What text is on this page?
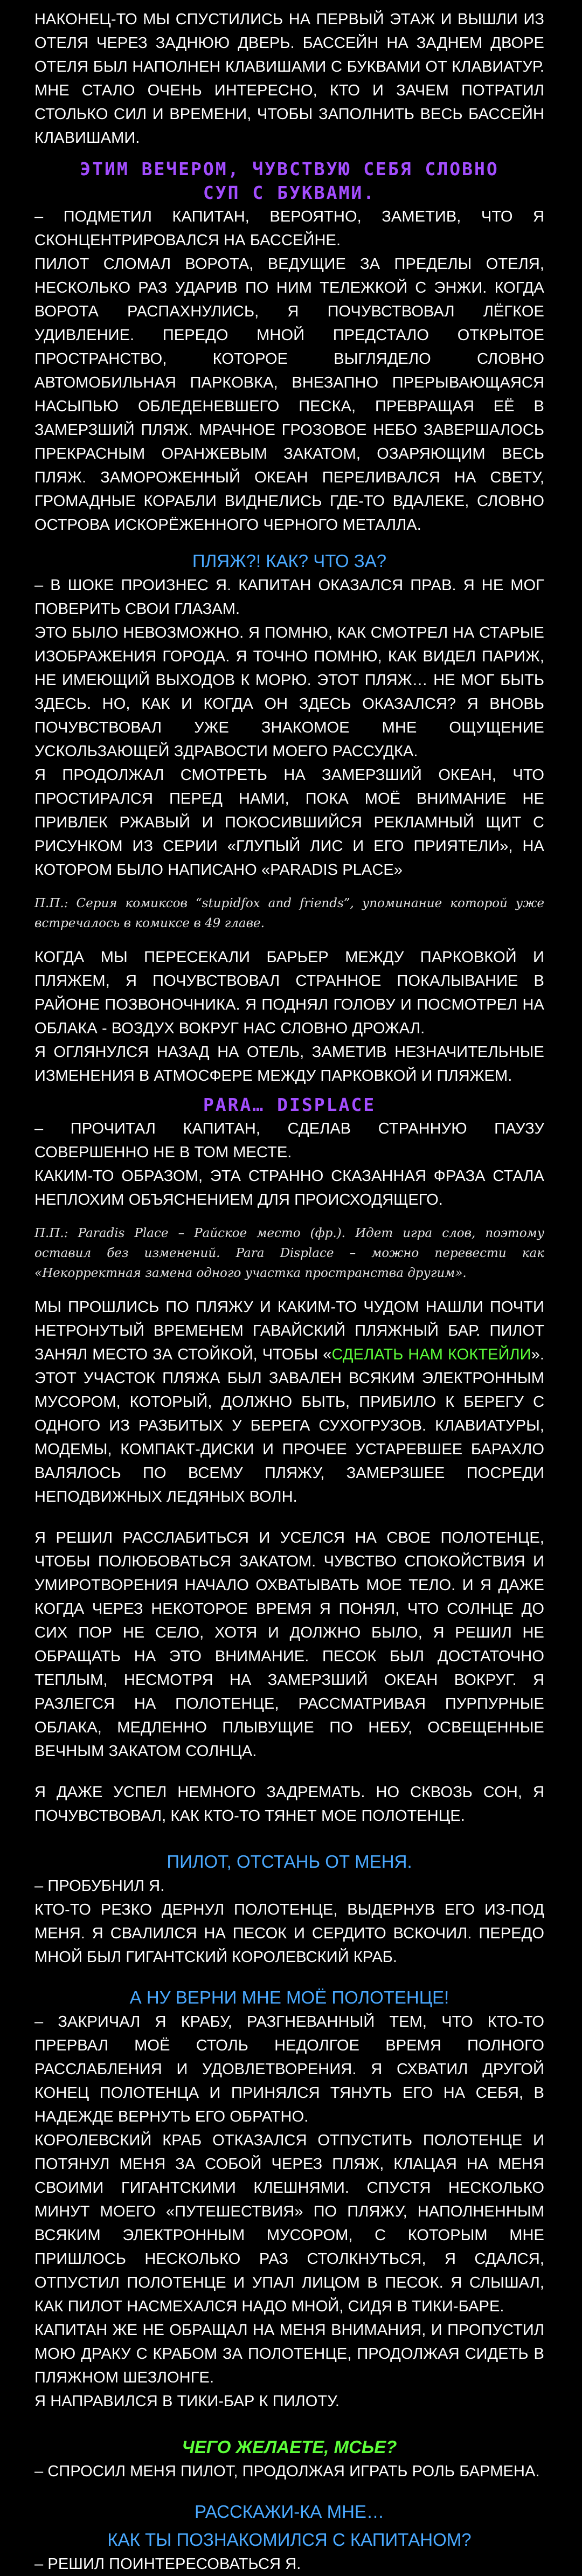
НАКОНЕЦ-ТО МЫ СПУСТИЛИСЬ НА ПЕРВЫЙ ЭТАЖ И ВЫШЛИ ИЗ ОТЕЛЯ ЧЕРЕЗ ЗАДНЮЮ ДВЕРЬ. БАССЕЙН НА ЗАДНЕМ ДВОРЕ ОТЕЛЯ БЫЛ НАПОЛНЕН КЛАВИШАМИ С БУКВАМИ ОТ КЛАВИАТУР. МНЕ СТАЛО ОЧЕНЬ ИНТЕРЕСНО, КТО И ЗАЧЕМ ПОТРАТИЛ СТОЛЬКО СИЛ И ВРЕМЕНИ, ЧТОБЫ ЗАПОЛНИТЬ ВЕСЬ БАССЕЙН КЛАВИШАМИ.

ЭТИМ ВЕЧЕРОМ, ЧУВСТВУЮ СЕБЯ СЛОВНО СУП С БУКВАМИ.

– ПОДМЕТИЛ КАПИТАН, ВЕРОЯТНО, ЗАМЕТИВ, ЧТО Я СКОНЦЕНТРИРОВАЛСЯ НА БАССЕЙНЕ.

ПИЛОТ СЛОМАЛ ВОРОТА, ВЕДУЩИЕ ЗА ПРЕДЕЛЫ ОТЕЛЯ, НЕСКОЛЬКО РАЗ УДАРИВ ПО НИМ ТЕЛЕЖКОЙ С ЭНЖИ. КОГДА ВОРОТА РАСПАХНУЛИСЬ, Я ПОЧУВСТВОВАЛ ЛЁГКОЕ УДИВЛЕНИЕ. ПЕРЕДО МНОЙ ПРЕДСТАЛО ОТКРЫТОЕ ПРОСТРАНСТВО, КОТОРОЕ ВЫГЛЯДЕЛО СЛОВНО АВТОМОБИЛЬНАЯ ПАРКОВКА, ВНЕЗАПНО ПРЕРЫВАЮЩАЯСЯ НАСЫПЬЮ ОБЛЕДЕНЕВШЕГО ПЕСКА, ПРЕВРАЩАЯ ЕЁ В ЗАМЕРЗШИЙ ПЛЯЖ. МРАЧНОЕ ГРОЗОВОЕ НЕБО ЗАВЕРШАЛОСЬ ПРЕКРАСНЫМ ОРАНЖЕВЫМ ЗАКАТОМ, ОЗАРЯЮЩИМ ВЕСЬ ПЛЯЖ. ЗАМОРОЖЕННЫЙ ОКЕАН ПЕРЕЛИВАЛСЯ НА СВЕТУ, ГРОМАДНЫЕ КОРАБЛИ ВИДНЕЛИСЬ ГДЕ-ТО ВДАЛЕКЕ, СЛОВНО ОСТРОВА ИСКОРЁЖЕННОГО ЧЕРНОГО МЕТАЛЛА.

ПЛЯЖ?! КАК? ЧТО ЗА?

– В ШОКЕ ПРОИЗНЕС Я. КАПИТАН ОКАЗАЛСЯ ПРАВ. Я НЕ МОГ ПОВЕРИТЬ СВОИ ГЛАЗАМ.

ЭТО БЫЛО НЕВОЗМОЖНО. Я ПОМНЮ, КАК СМОТРЕЛ НА СТАРЫЕ ИЗОБРАЖЕНИЯ ГОРОДА. Я ТОЧНО ПОМНЮ, КАК ВИДЕЛ ПАРИЖ, НЕ ИМЕЮЩИЙ ВЫХОДОВ К МОРЮ. ЭТОТ ПЛЯЖ… НЕ МОГ БЫТЬ ЗДЕСЬ. НО, КАК И КОГДА ОН ЗДЕСЬ ОКАЗАЛСЯ? Я ВНОВЬ ПОЧУВСТВОВАЛ УЖЕ ЗНАКОМОЕ МНЕ ОЩУЩЕНИЕ УСКОЛЬЗАЮЩЕЙ ЗДРАВОСТИ МОЕГО РАССУДКА.

Я ПРОДОЛЖАЛ СМОТРЕТЬ НА ЗАМЕРЗШИЙ ОКЕАН, ЧТО ПРОСТИРАЛСЯ ПЕРЕД НАМИ, ПОКА МОЁ ВНИМАНИЕ НЕ ПРИВЛЕК РЖАВЫЙ И ПОКОСИВШИЙСЯ РЕКЛАМНЫЙ ЩИТ С РИСУНКОМ ИЗ СЕРИИ «ГЛУПЫЙ ЛИС И ЕГО ПРИЯТЕЛИ», НА КОТОРОМ БЫЛО НАПИСАНО «PARADIS PLACE»

П.П.: Серия комиксов “stupidfox and friends”, упоминание которой уже встречалось в комиксе в 49 главе.

КОГДА МЫ ПЕРЕСЕКАЛИ БАРЬЕР МЕЖДУ ПАРКОВКОЙ И ПЛЯЖЕМ, Я ПОЧУВСТВОВАЛ СТРАННОЕ ПОКАЛЫВАНИЕ В РАЙОНЕ ПОЗВОНОЧНИКА. Я ПОДНЯЛ ГОЛОВУ И ПОСМОТРЕЛ НА ОБЛАКА - ВОЗДУХ ВОКРУГ НАС СЛОВНО ДРОЖАЛ.

Я ОГЛЯНУЛСЯ НАЗАД НА ОТЕЛЬ, ЗАМЕТИВ НЕЗНАЧИТЕЛЬНЫЕ ИЗМЕНЕНИЯ В АТМОСФЕРЕ МЕЖДУ ПАРКОВКОЙ И ПЛЯЖЕМ.

PARA… DISPLACE

– ПРОЧИТАЛ КАПИТАН, СДЕЛАВ СТРАННУЮ ПАУЗУ СОВЕРШЕННО НЕ В ТОМ МЕСТЕ.

КАКИМ-ТО ОБРАЗОМ, ЭТА СТРАННО СКАЗАННАЯ ФРАЗА СТАЛА НЕПЛОХИМ ОБЪЯСНЕНИЕМ ДЛЯ ПРОИСХОДЯЩЕГО.

П.П.: Paradis Place – Райское место (фр.). Идет игра слов, поэтому оставил без изменений. Para Displace – можно перевести как «Некорректная замена одного участка пространства другим».

МЫ ПРОШЛИСЬ ПО ПЛЯЖУ И КАКИМ-ТО ЧУДОМ НАШЛИ ПОЧТИ НЕТРОНУТЫЙ ВРЕМЕНЕМ ГАВАЙСКИЙ ПЛЯЖНЫЙ БАР. ПИЛОТ ЗАНЯЛ МЕСТО ЗА СТОЙКОЙ, ЧТОБЫ «СДЕЛАТЬ НАМ КОКТЕЙЛИ». ЭТОТ УЧАСТОК ПЛЯЖА БЫЛ ЗАВАЛЕН ВСЯКИМ ЭЛЕКТРОННЫМ МУСОРОМ, КОТОРЫЙ, ДОЛЖНО БЫТЬ, ПРИБИЛО К БЕРЕГУ С ОДНОГО ИЗ РАЗБИТЫХ У БЕРЕГА СУХОГРУЗОВ. КЛАВИАТУРЫ, МОДЕМЫ, КОМПАКТ-ДИСКИ И ПРОЧЕЕ УСТАРЕВШЕЕ БАРАХЛО ВАЛЯЛОСЬ ПО ВСЕМУ ПЛЯЖУ, ЗАМЕРЗШЕЕ ПОСРЕДИ НЕПОДВИЖНЫХ ЛЕДЯНЫХ ВОЛН.

Я РЕШИЛ РАССЛАБИТЬСЯ И УСЕЛСЯ НА СВОЕ ПОЛОТЕНЦЕ, ЧТОБЫ ПОЛЮБОВАТЬСЯ ЗАКАТОМ. ЧУВСТВО СПОКОЙСТВИЯ И УМИРОТВОРЕНИЯ НАЧАЛО ОХВАТЫВАТЬ МОЕ ТЕЛО. И Я ДАЖЕ КОГДА ЧЕРЕЗ НЕКОТОРОЕ ВРЕМЯ Я ПОНЯЛ, ЧТО СОЛНЦЕ ДО СИХ ПОР НЕ СЕЛО, ХОТЯ И ДОЛЖНО БЫЛО, Я РЕШИЛ НЕ ОБРАЩАТЬ НА ЭТО ВНИМАНИЕ. ПЕСОК БЫЛ ДОСТАТОЧНО ТЕПЛЫМ, НЕСМОТРЯ НА ЗАМЕРЗШИЙ ОКЕАН ВОКРУГ. Я РАЗЛЕГСЯ НА ПОЛОТЕНЦЕ, РАССМАТРИВАЯ ПУРПУРНЫЕ ОБЛАКА, МЕДЛЕННО ПЛЫВУЩИЕ ПО НЕБУ, ОСВЕЩЕННЫЕ ВЕЧНЫМ ЗАКАТОМ СОЛНЦА.

Я ДАЖЕ УСПЕЛ НЕМНОГО ЗАДРЕМАТЬ. НО СКВОЗЬ СОН, Я ПОЧУВСТВОВАЛ, КАК КТО-ТО ТЯНЕТ МОЕ ПОЛОТЕНЦЕ.

ПИЛОТ, ОТСТАНЬ ОТ МЕНЯ.

– ПРОБУБНИЛ Я.

КТО-ТО РЕЗКО ДЕРНУЛ ПОЛОТЕНЦЕ, ВЫДЕРНУВ ЕГО ИЗ-ПОД МЕНЯ. Я СВАЛИЛСЯ НА ПЕСОК И СЕРДИТО ВСКОЧИЛ. ПЕРЕДО МНОЙ БЫЛ ГИГАНТСКИЙ КОРОЛЕВСКИЙ КРАБ.

А НУ ВЕРНИ МНЕ МОЁ ПОЛОТЕНЦЕ!

– ЗАКРИЧАЛ Я КРАБУ, РАЗГНЕВАННЫЙ ТЕМ, ЧТО КТО-ТО ПРЕРВАЛ МОЁ СТОЛЬ НЕДОЛГОЕ ВРЕМЯ ПОЛНОГО РАССЛАБЛЕНИЯ И УДОВЛЕТВОРЕНИЯ. Я СХВАТИЛ ДРУГОЙ КОНЕЦ ПОЛОТЕНЦА И ПРИНЯЛСЯ ТЯНУТЬ ЕГО НА СЕБЯ, В НАДЕЖДЕ ВЕРНУТЬ ЕГО ОБРАТНО.

КОРОЛЕВСКИЙ КРАБ ОТКАЗАЛСЯ ОТПУСТИТЬ ПОЛОТЕНЦЕ И ПОТЯНУЛ МЕНЯ ЗА СОБОЙ ЧЕРЕЗ ПЛЯЖ, КЛАЦАЯ НА МЕНЯ СВОИМИ ГИГАНТСКИМИ КЛЕШНЯМИ. СПУСТЯ НЕСКОЛЬКО МИНУТ МОЕГО «ПУТЕШЕСТВИЯ» ПО ПЛЯЖУ, НАПОЛНЕННЫМ ВСЯКИМ ЭЛЕКТРОННЫМ МУСОРОМ, С КОТОРЫМ МНЕ ПРИШЛОСЬ НЕСКОЛЬКО РАЗ СТОЛКНУТЬСЯ, Я СДАЛСЯ, ОТПУСТИЛ ПОЛОТЕНЦЕ И УПАЛ ЛИЦОМ В ПЕСОК. Я СЛЫШАЛ, КАК ПИЛОТ НАСМЕХАЛСЯ НАДО МНОЙ, СИДЯ В ТИКИ-БАРЕ.

КАПИТАН ЖЕ НЕ ОБРАЩАЛ НА МЕНЯ ВНИМАНИЯ, И ПРОПУСТИЛ МОЮ ДРАКУ С КРАБОМ ЗА ПОЛОТЕНЦЕ, ПРОДОЛЖАЯ СИДЕТЬ В ПЛЯЖНОМ ШЕЗЛОНГЕ.

Я НАПРАВИЛСЯ В ТИКИ-БАР К ПИЛОТУ.

ЧЕГО ЖЕЛАЕТЕ, МСЬЕ?

– СПРОСИЛ МЕНЯ ПИЛОТ, ПРОДОЛЖАЯ ИГРАТЬ РОЛЬ БАРМЕНА.

РАССКАЖИ-КА МНЕ…

КАК ТЫ ПОЗНАКОМИЛСЯ С КАПИТАНОМ?

– РЕШИЛ ПОИНТЕРЕСОВАТЬСЯ Я.
